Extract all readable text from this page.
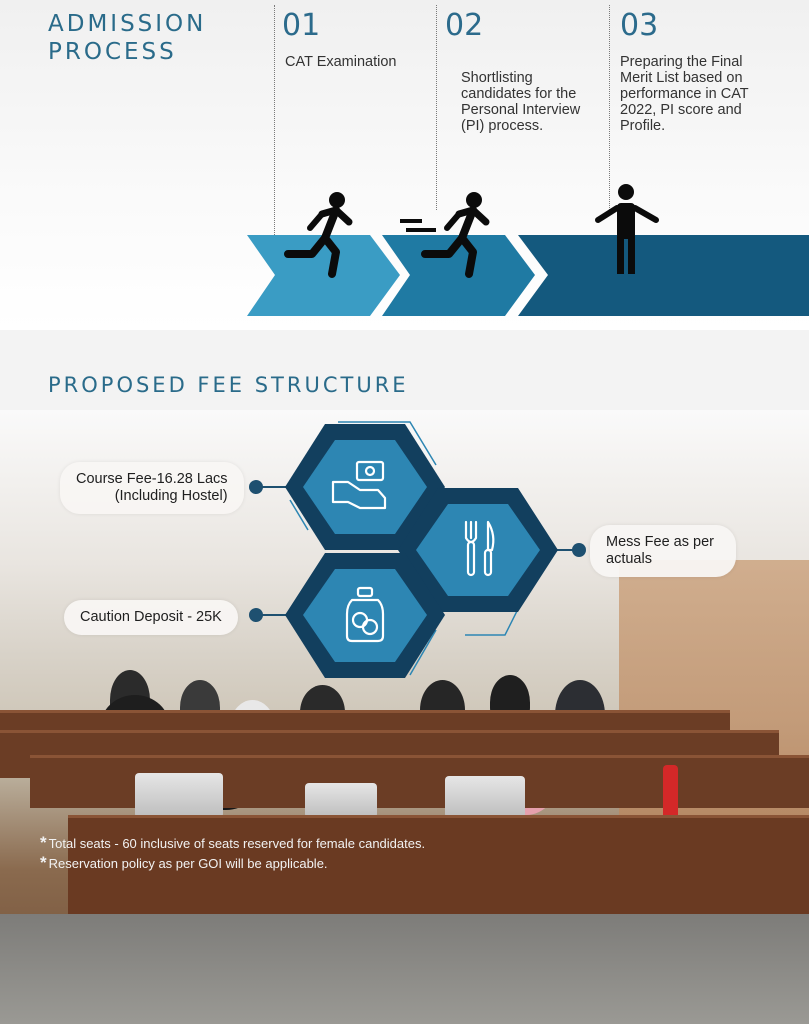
ADMISSION
PROCESS
01	02	03
CAT Examination
Shortlisting candidates for the Personal Interview (PI) process.
Preparing the Final Merit List based on performance in CAT 2022, PI score and Profile.
PROPOSED FEE STRUCTURE
Course Fee-16.28 Lacs
(Including Hostel)
Mess Fee as per
actuals
Caution Deposit - 25K
* Total seats - 60 inclusive of seats reserved for female candidates.
* Reservation policy as per GOI will be applicable.
